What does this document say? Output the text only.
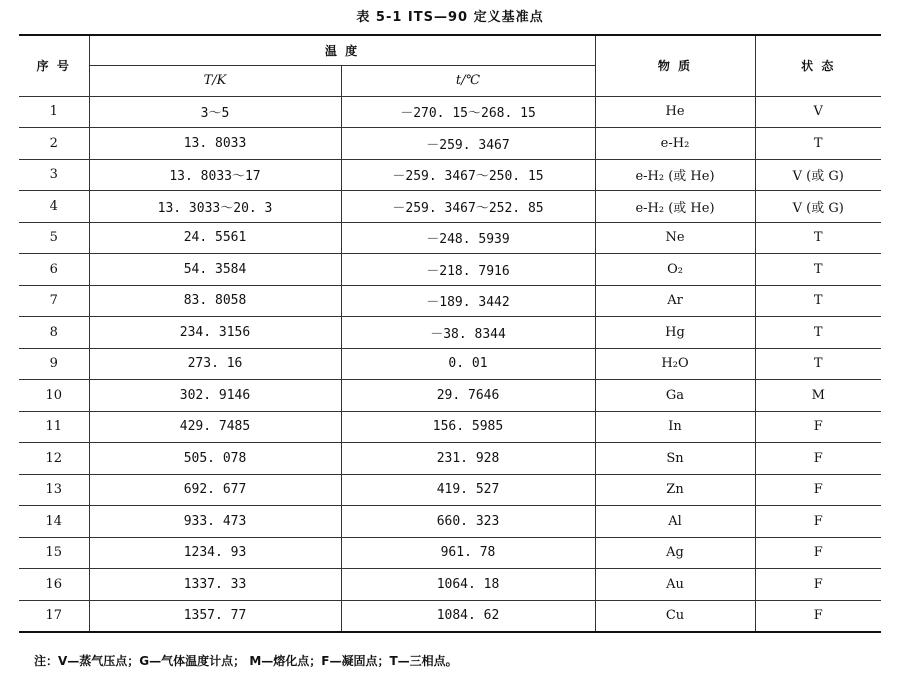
表 5-1 ITS—90 定义基准点
序 号	温 度		物 质	状 态
	T/K	t/℃		
1	3～5	－270. 15～268. 15	He	V
2	13. 8033	－259. 3467	e-H₂	T
3	13. 8033～17	－259. 3467～250. 15	e-H₂ (或 He)	V (或 G)
4	13. 3033～20. 3	－259. 3467～252. 85	e-H₂ (或 He)	V (或 G)
5	24. 5561	－248. 5939	Ne	T
6	54. 3584	－218. 7916	O₂	T
7	83. 8058	－189. 3442	Ar	T
8	234. 3156	－38. 8344	Hg	T
9	273. 16	0. 01	H₂O	T
10	302. 9146	29. 7646	Ga	M
11	429. 7485	156. 5985	In	F
12	505. 078	231. 928	Sn	F
13	692. 677	419. 527	Zn	F
14	933. 473	660. 323	Al	F
15	1234. 93	961. 78	Ag	F
16	1337. 33	1064. 18	Au	F
17	1357. 77	1084. 62	Cu	F
注：V—蒸气压点；G—气体温度计点； M—熔化点；F—凝固点；T—三相点。
